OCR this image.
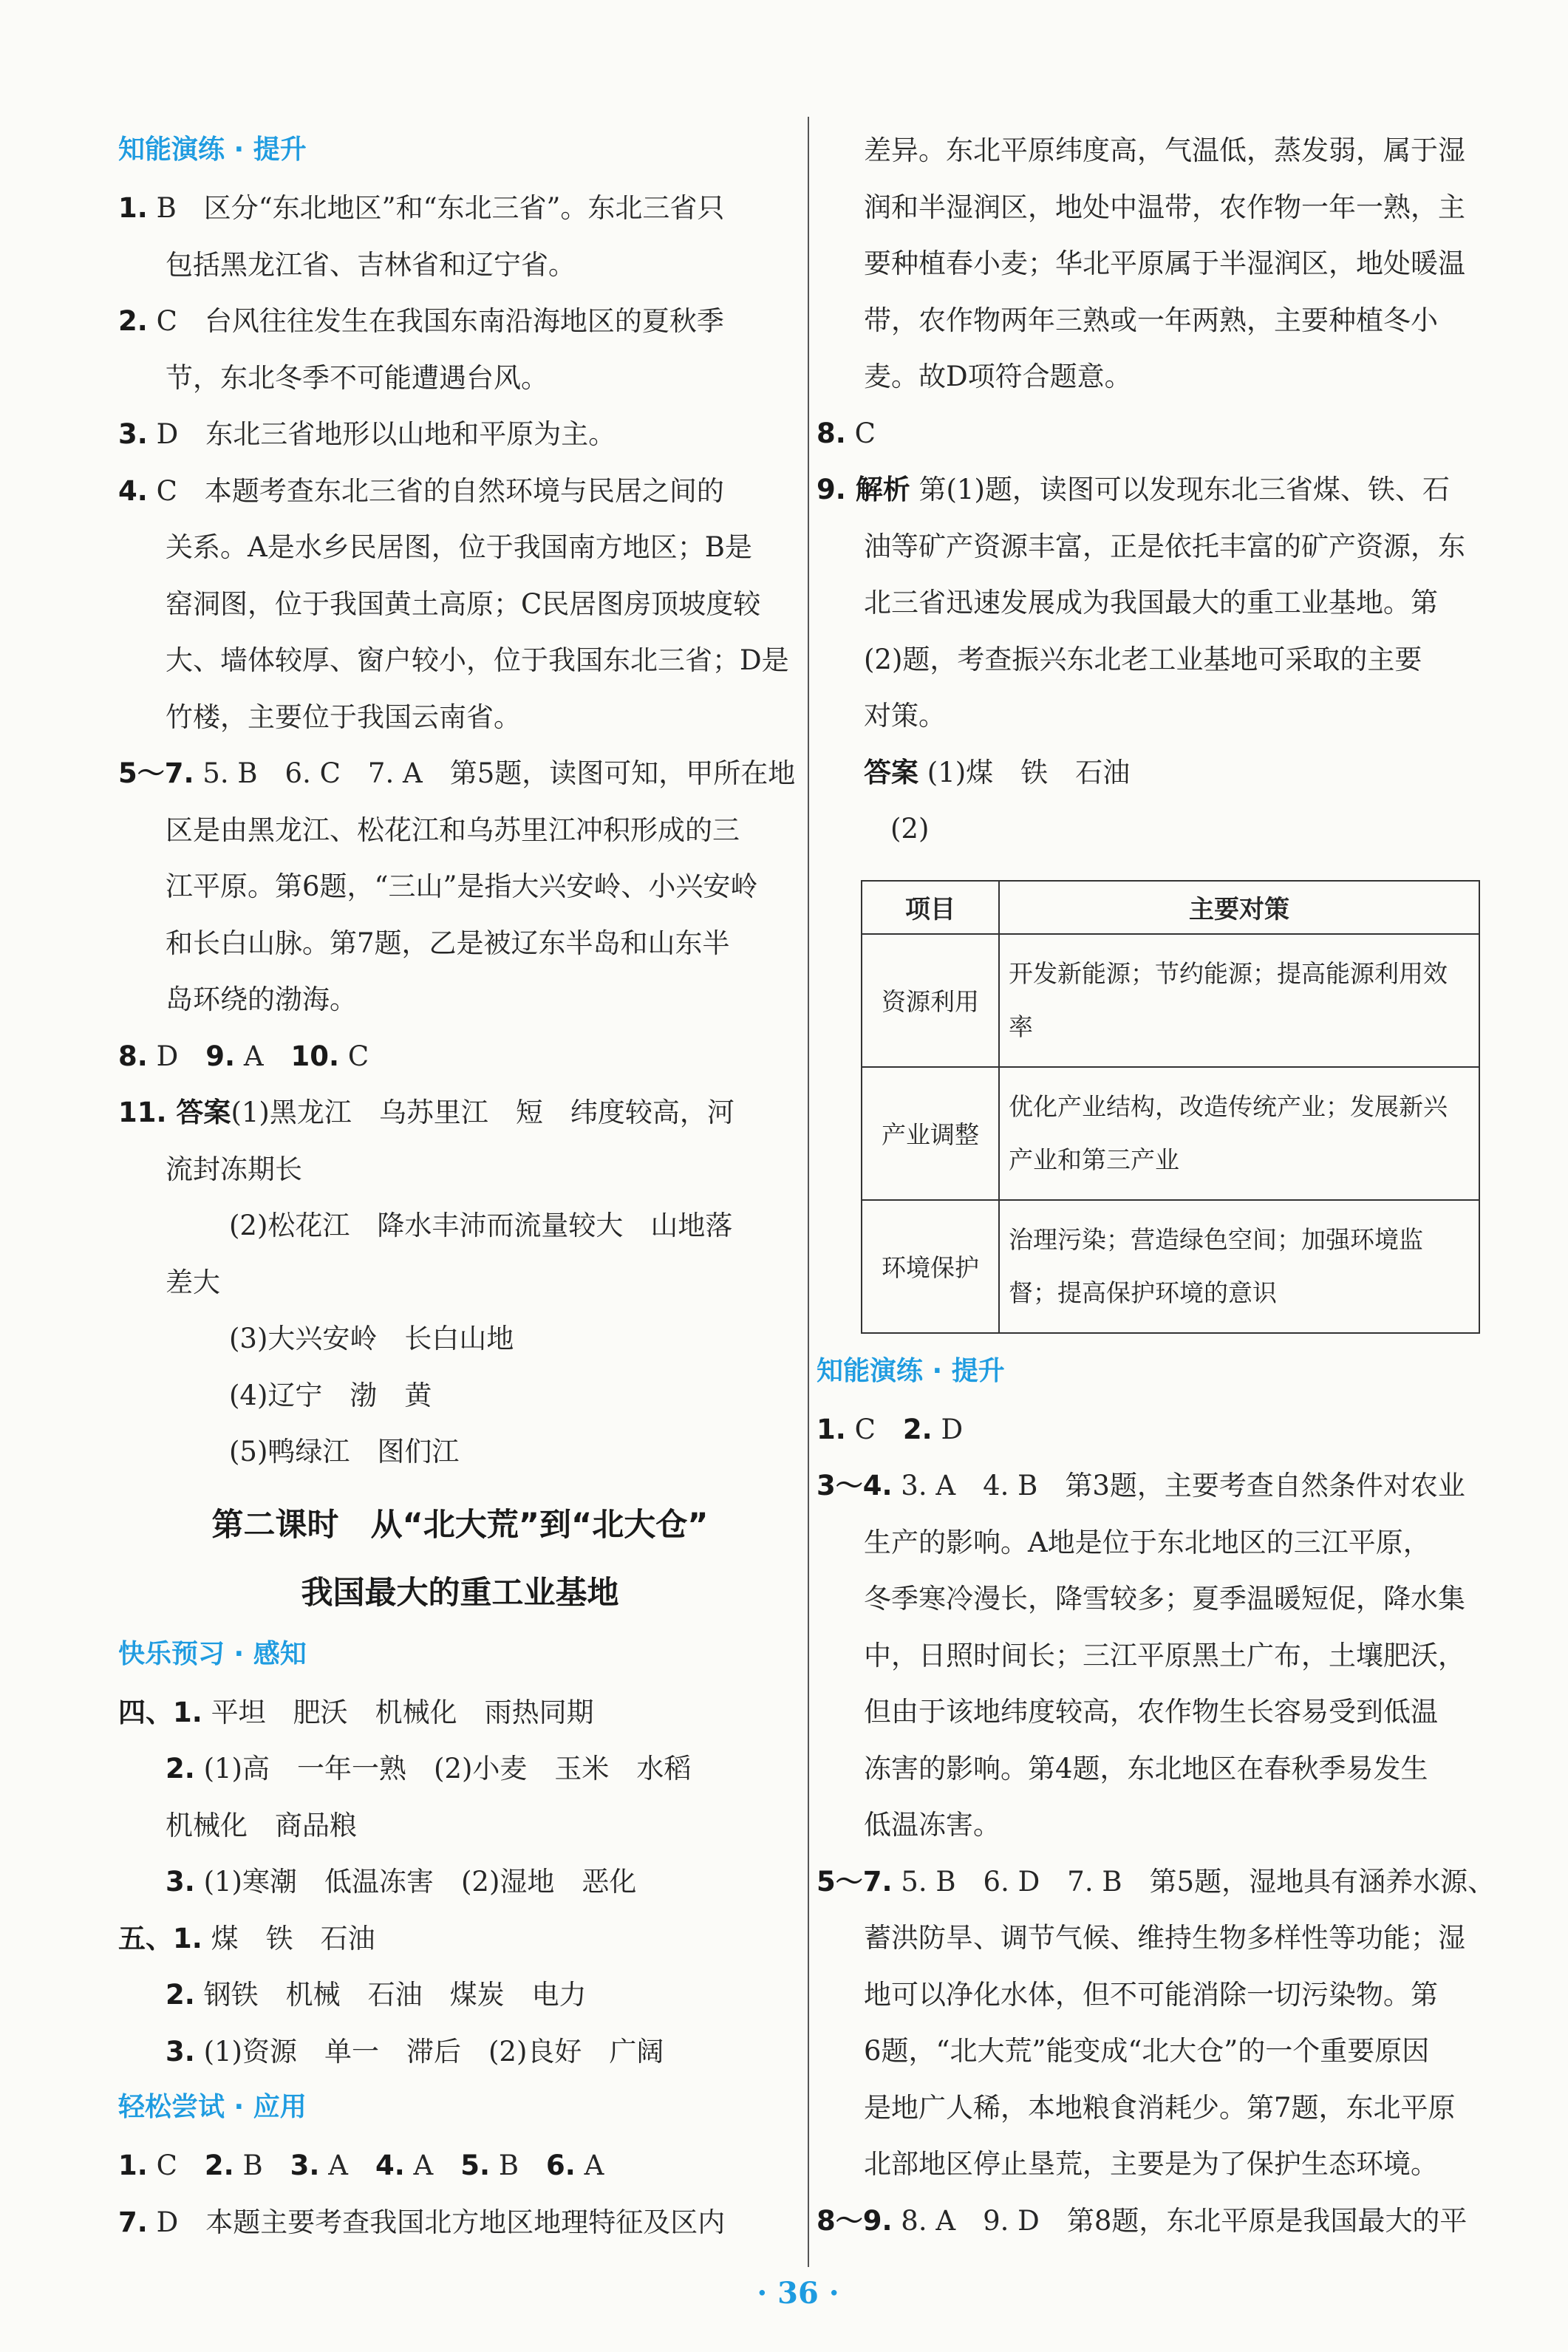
知能演练 · 提升
1. B　区分“东北地区”和“东北三省”。东北三省只
包括黑龙江省、吉林省和辽宁省。
2. C　台风往往发生在我国东南沿海地区的夏秋季
节，东北冬季不可能遭遇台风。
3. D　东北三省地形以山地和平原为主。
4. C　本题考查东北三省的自然环境与民居之间的
关系。A是水乡民居图，位于我国南方地区；B是
窑洞图，位于我国黄土高原；C民居图房顶坡度较
大、墙体较厚、窗户较小，位于我国东北三省；D是
竹楼，主要位于我国云南省。
5～7. 5. B　6. C　7. A　第5题，读图可知，甲所在地
区是由黑龙江、松花江和乌苏里江冲积形成的三
江平原。第6题，“三山”是指大兴安岭、小兴安岭
和长白山脉。第7题，乙是被辽东半岛和山东半
岛环绕的渤海。
8. D　9. A　10. C
11. 答案(1)黑龙江　乌苏里江　短　纬度较高，河
流封冻期长
(2)松花江　降水丰沛而流量较大　山地落
差大
(3)大兴安岭　长白山地
(4)辽宁　渤　黄
(5)鸭绿江　图们江
第二课时　从“北大荒”到“北大仓”
我国最大的重工业基地
快乐预习 · 感知
四、1. 平坦　肥沃　机械化　雨热同期
2. (1)高　一年一熟　(2)小麦　玉米　水稻
机械化　商品粮
3. (1)寒潮　低温冻害　(2)湿地　恶化
五、1. 煤　铁　石油
2. 钢铁　机械　石油　煤炭　电力
3. (1)资源　单一　滞后　(2)良好　广阔
轻松尝试 · 应用
1. C　2. B　3. A　4. A　5. B　6. A
7. D　本题主要考查我国北方地区地理特征及区内
差异。东北平原纬度高，气温低，蒸发弱，属于湿
润和半湿润区，地处中温带，农作物一年一熟，主
要种植春小麦；华北平原属于半湿润区，地处暖温
带，农作物两年三熟或一年两熟，主要种植冬小
麦。故D项符合题意。
8. C
9. 解析 第(1)题，读图可以发现东北三省煤、铁、石
油等矿产资源丰富，正是依托丰富的矿产资源，东
北三省迅速发展成为我国最大的重工业基地。第
(2)题，考查振兴东北老工业基地可采取的主要
对策。
答案 (1)煤　铁　石油
(2)
项目	主要对策
资源利用	开发新能源；节约能源；提高能源利用效率
产业调整	优化产业结构，改造传统产业；发展新兴产业和第三产业
环境保护	治理污染；营造绿色空间；加强环境监督；提高保护环境的意识
知能演练 · 提升
1. C　2. D
3～4. 3. A　4. B　第3题，主要考查自然条件对农业
生产的影响。A地是位于东北地区的三江平原，
冬季寒冷漫长，降雪较多；夏季温暖短促，降水集
中，日照时间长；三江平原黑土广布，土壤肥沃，
但由于该地纬度较高，农作物生长容易受到低温
冻害的影响。第4题，东北地区在春秋季易发生
低温冻害。
5～7. 5. B　6. D　7. B　第5题，湿地具有涵养水源、
蓄洪防旱、调节气候、维持生物多样性等功能；湿
地可以净化水体，但不可能消除一切污染物。第
6题，“北大荒”能变成“北大仓”的一个重要原因
是地广人稀，本地粮食消耗少。第7题，东北平原
北部地区停止垦荒，主要是为了保护生态环境。
8～9. 8. A　9. D　第8题，东北平原是我国最大的平
· 36 ·
